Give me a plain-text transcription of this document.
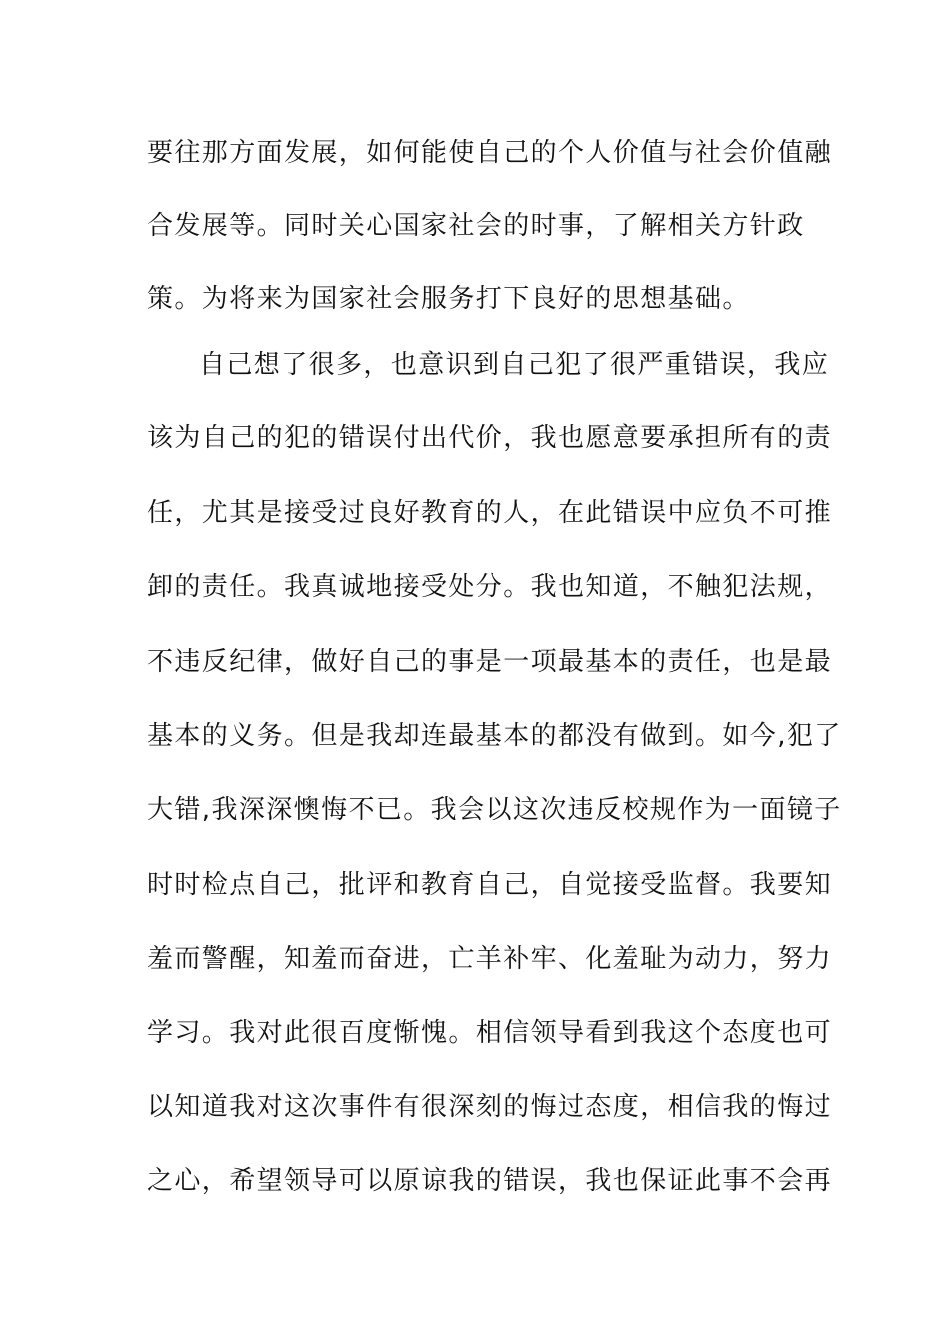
要往那方面发展，如何能使自己的个人价值与社会价值融

合发展等。同时关心国家社会的时事，了解相关方针政

策。为将来为国家社会服务打下良好的思想基础。

自己想了很多，也意识到自己犯了很严重错误，我应

该为自己的犯的错误付出代价，我也愿意要承担所有的责

任，尤其是接受过良好教育的人，在此错误中应负不可推

卸的责任。我真诚地接受处分。我也知道，不触犯法规，

不违反纪律，做好自己的事是一项最基本的责任，也是最

基本的义务。但是我却连最基本的都没有做到。如今,犯了

大错,我深深懊悔不已。我会以这次违反校规作为一面镜子

时时检点自己，批评和教育自己，自觉接受监督。我要知

羞而警醒，知羞而奋进，亡羊补牢、化羞耻为动力，努力

学习。我对此很百度惭愧。相信领导看到我这个态度也可

以知道我对这次事件有很深刻的悔过态度，相信我的悔过

之心，希望领导可以原谅我的错误，我也保证此事不会再
